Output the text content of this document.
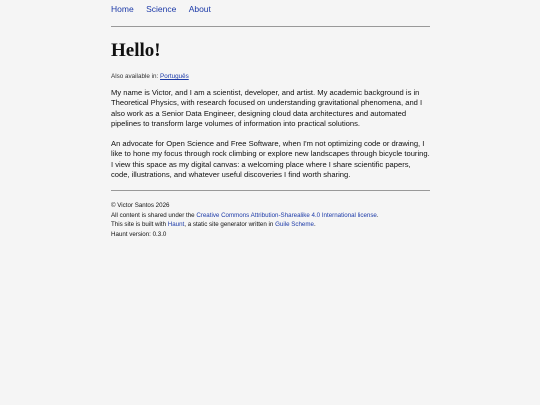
Home Science About
Hello!
Also available in: Português

My name is Victor, and I am a scientist, developer, and artist. My academic background is in Theoretical Physics, with research focused on understanding gravitational phenomena, and I also work as a Senior Data Engineer, designing cloud data architectures and automated pipelines to transform large volumes of information into practical solutions.

An advocate for Open Science and Free Software, when I'm not optimizing code or drawing, I like to hone my focus through rock climbing or explore new landscapes through bicycle touring. I view this space as my digital canvas: a welcoming place where I share scientific papers, code, illustrations, and whatever useful discoveries I find worth sharing.

© Victor Santos 2026
All content is shared under the Creative Commons Attribution-Sharealike 4.0 International license.
This site is built with Haunt, a static site generator written in Guile Scheme.
Haunt version: 0.3.0
